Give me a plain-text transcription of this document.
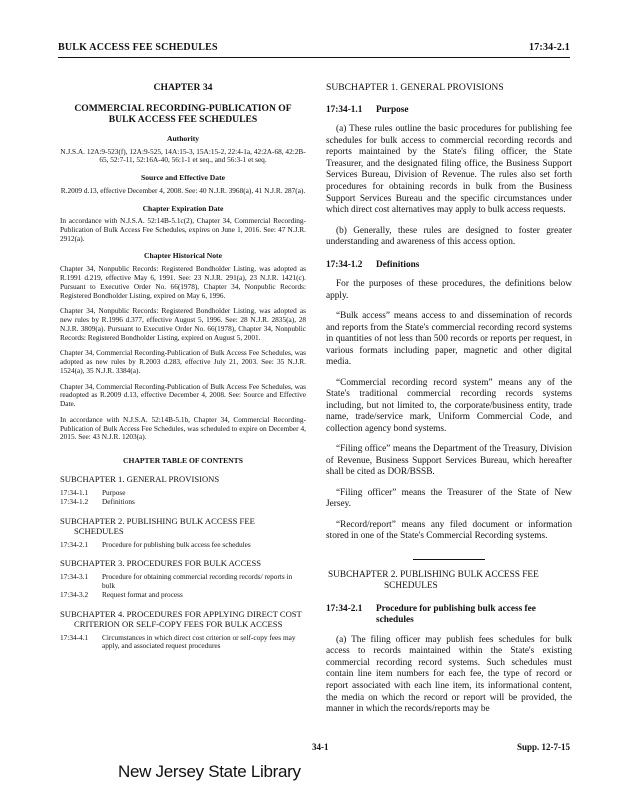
BULK ACCESS FEE SCHEDULES	17:34-2.1
CHAPTER 34
COMMERCIAL RECORDING-PUBLICATION OF BULK ACCESS FEE SCHEDULES
Authority
N.J.S.A. 12A:9-523(f), 12A:9-525, 14A:15-3, 15A:15-2, 22:4-1a, 42:2A-68, 42:2B-65, 52:7-11, 52:16A-40, 56:1-1 et seq., and 56:3-1 et seq.
Source and Effective Date
R.2009 d.13, effective December 4, 2008. See: 40 N.J.R. 3968(a), 41 N.J.R. 287(a).
Chapter Expiration Date
In accordance with N.J.S.A. 52:14B-5.1c(2), Chapter 34, Commercial Recording-Publication of Bulk Access Fee Schedules, expires on June 1, 2016. See: 47 N.J.R. 2912(a).
Chapter Historical Note
Chapter 34, Nonpublic Records: Registered Bondholder Listing, was adopted as R.1991 d.219, effective May 6, 1991. See: 23 N.J.R. 291(a), 23 N.J.R. 1421(c). Pursuant to Executive Order No. 66(1978), Chapter 34, Nonpublic Records: Registered Bondholder Listing, expired on May 6, 1996.
Chapter 34, Nonpublic Records: Registered Bondholder Listing, was adopted as new rules by R.1996 d.377, effective August 5, 1996. See: 28 N.J.R. 2835(a), 28 N.J.R. 3809(a). Pursuant to Executive Order No. 66(1978), Chapter 34, Nonpublic Records: Registered Bondholder Listing, expired on August 5, 2001.
Chapter 34, Commercial Recording-Publication of Bulk Access Fee Schedules, was adopted as new rules by R.2003 d.283, effective July 21, 2003. See: 35 N.J.R. 1524(a), 35 N.J.R. 3384(a).
Chapter 34, Commercial Recording-Publication of Bulk Access Fee Schedules, was readopted as R.2009 d.13, effective December 4, 2008. See: Source and Effective Date.
In accordance with N.J.S.A. 52:14B-5.1b, Chapter 34, Commercial Recording-Publication of Bulk Access Fee Schedules, was scheduled to expire on December 4, 2015. See: 43 N.J.R. 1203(a).
CHAPTER TABLE OF CONTENTS
SUBCHAPTER 1. GENERAL PROVISIONS
17:34-1.1	Purpose
17:34-1.2	Definitions
SUBCHAPTER 2. PUBLISHING BULK ACCESS FEE SCHEDULES
17:34-2.1	Procedure for publishing bulk access fee schedules
SUBCHAPTER 3. PROCEDURES FOR BULK ACCESS
17:34-3.1	Procedure for obtaining commercial recording records/ reports in bulk
17:34-3.2	Request format and process
SUBCHAPTER 4. PROCEDURES FOR APPLYING DIRECT COST CRITERION OR SELF-COPY FEES FOR BULK ACCESS
17:34-4.1	Circumstances in which direct cost criterion or self-copy fees may apply, and associated request procedures
SUBCHAPTER 1. GENERAL PROVISIONS
17:34-1.1	Purpose
(a) These rules outline the basic procedures for publishing fee schedules for bulk access to commercial recording records and reports maintained by the State's filing officer, the State Treasurer, and the designated filing office, the Business Support Services Bureau, Division of Revenue. The rules also set forth procedures for obtaining records in bulk from the Business Support Services Bureau and the specific circumstances under which direct cost alternatives may apply to bulk access requests.
(b) Generally, these rules are designed to foster greater understanding and awareness of this access option.
17:34-1.2	Definitions
For the purposes of these procedures, the definitions below apply.
“Bulk access” means access to and dissemination of records and reports from the State's commercial recording record systems in quantities of not less than 500 records or reports per request, in various formats including paper, magnetic and other digital media.
“Commercial recording record system” means any of the State's traditional commercial recording records systems including, but not limited to, the corporate/business entity, trade name, trade/service mark, Uniform Commercial Code, and collection agency bond systems.
“Filing office” means the Department of the Treasury, Division of Revenue, Business Support Services Bureau, which hereafter shall be cited as DOR/BSSB.
“Filing officer” means the Treasurer of the State of New Jersey.
“Record/report” means any filed document or information stored in one of the State's Commercial Recording systems.
SUBCHAPTER 2. PUBLISHING BULK ACCESS FEE
SCHEDULES
17:34-2.1	Procedure for publishing bulk access fee schedules
(a) The filing officer may publish fees schedules for bulk access to records maintained within the State's existing commercial recording record systems. Such schedules must contain line item numbers for each fee, the type of record or report associated with each line item, its informational content, the media on which the record or report will be provided, the manner in which the records/reports may be
34-1	Supp. 12-7-15
New Jersey State Library
